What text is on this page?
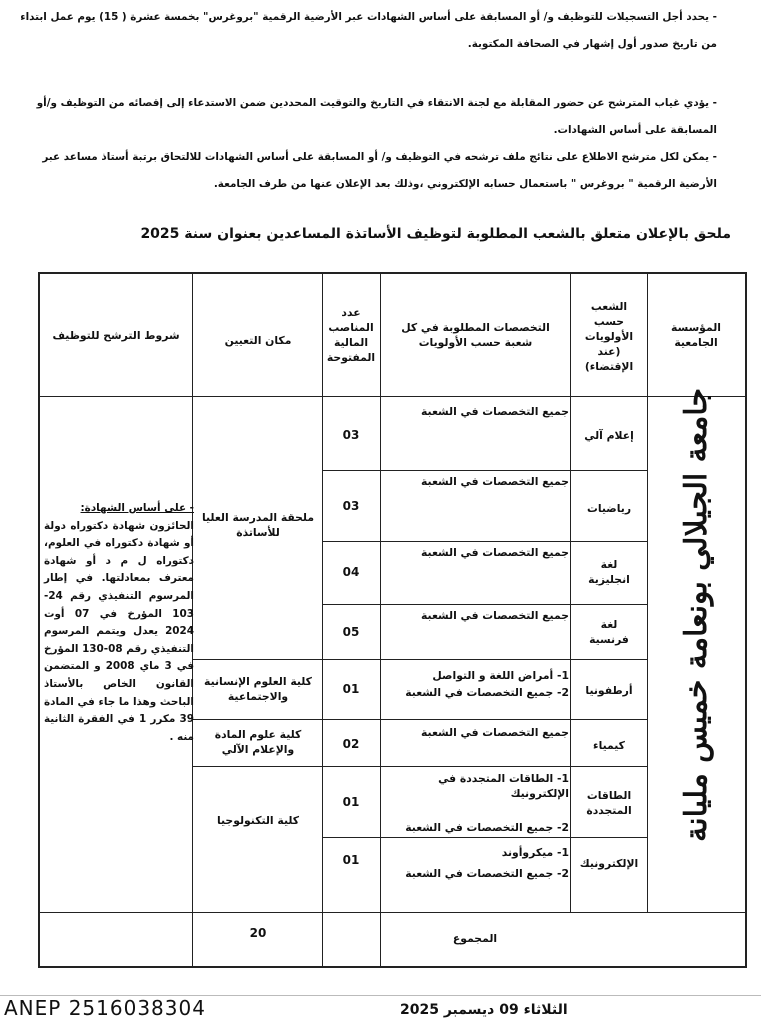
- يحدد أجل التسجيلات للتوظيف و/ أو المسابقة على أساس الشهادات عبر الأرضية الرقمية "بروغرس" بخمسة عشرة ( 15) يوم عمل ابتداء من تاريخ صدور أول إشهار في الصحافة المكتوبة.
- يؤدي غياب المترشح عن حضور المقابلة مع لجنة الانتقاء في التاريخ والتوقيت المحددين ضمن الاستدعاء إلى إقصائه من التوظيف و/أو المسابقة على أساس الشهادات.
- يمكن لكل مترشح الاطلاع على نتائج ملف ترشحه في التوظيف و/ أو المسابقة على أساس الشهادات للالتحاق برتبة أستاذ مساعد عبر الأرضية الرقمية " بروغرس " باستعمال حسابه الإلكتروني ،وذلك بعد الإعلان عنها من طرف الجامعة.
ملحق بالإعلان متعلق بالشعب المطلوبة لتوظيف الأساتذة المساعدين بعنوان سنة 2025
المؤسسة الجامعية
الشعب حسب الأولويات (عند الإقتضاء)
التخصصات المطلوبة في كل شعبة حسب الأولويات
عدد المناصب المالية المفتوحة
مكان التعيين
شروط الترشح للتوظيف
جامعة الجيلالي بونعامة خميس مليانة
إعلام آلي
جميع التخصصات في الشعبة
03
رياضيات
جميع التخصصات في الشعبة
03
لغة انجليزية
جميع التخصصات في الشعبة
04
لغة فرنسية
جميع التخصصات في الشعبة
05
أرطفونيا
1- أمراض اللغة و التواصل
2- جميع التخصصات في الشعبة
01
كيمياء
جميع التخصصات في الشعبة
02
الطاقات المتجددة
1- الطاقات المتجددة في الإلكترونيك
2- جميع التخصصات في الشعبة
01
الإلكترونيك
1- ميكروأوند
2- جميع التخصصات في الشعبة
01
ملحقة المدرسة العليا للأساتذة
كلية العلوم الإنسانية والاجتماعية
كلية علوم المادة والإعلام الآلي
كلية التكنولوجيا
- على أساس الشهادة:
الحائزون شهادة دكتوراه دولة أو شهادة دكتوراه في العلوم، دكتوراه ل م د أو شهادة معترف بمعادلتها. في إطار المرسوم التنفيذي رقم 24-103 المؤرخ في 07 أوت 2024 يعدل ويتمم المرسوم التنفيذي رقم 08-130 المؤرخ في 3 ماي 2008 و المتضمن القانون الخاص بالأستاذ الباحث وهذا ما جاء في المادة 39 مكرر 1 في الفقرة الثانية منه .
المجموع
20
ANEP 2516038304	الثلاثاء 09 ديسمبر 2025
